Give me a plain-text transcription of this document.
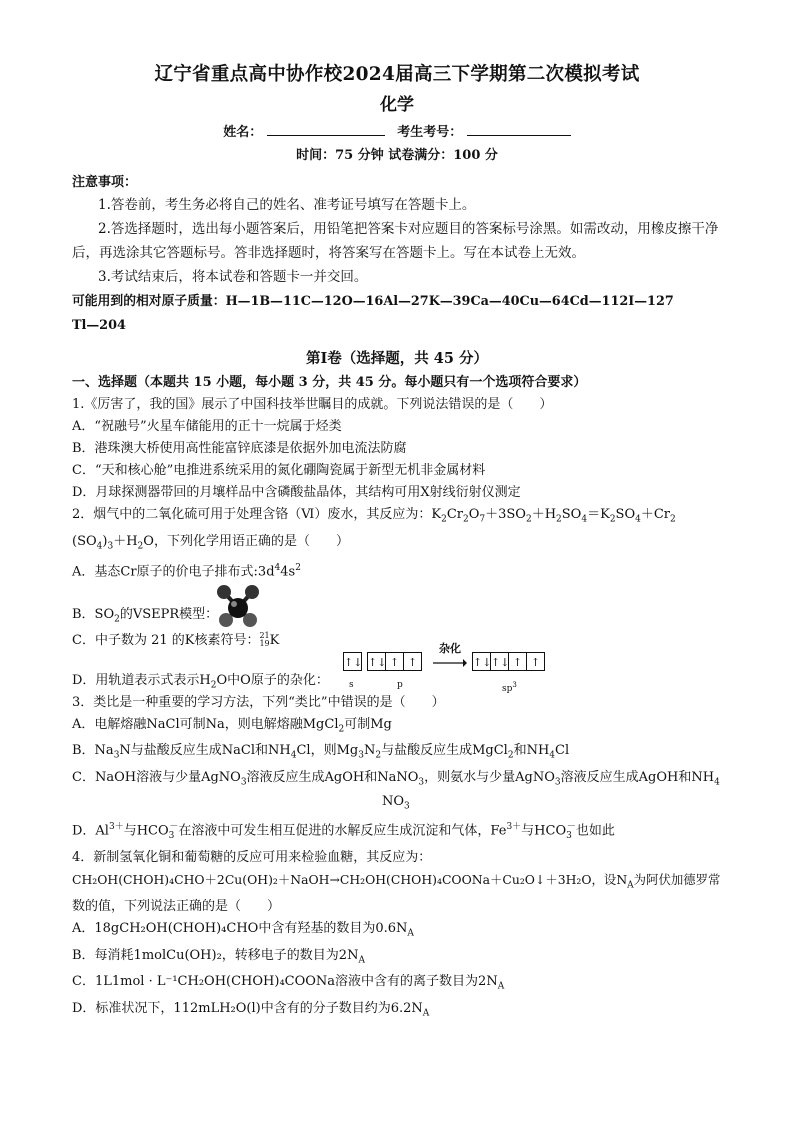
辽宁省重点高中协作校2024届高三下学期第二次模拟考试
化学
姓名：	考生考号：
时间：75 分钟 试卷满分：100 分
注意事项：
1.答卷前，考生务必将自己的姓名、准考证号填写在答题卡上。
2.答选择题时，选出每小题答案后，用铅笔把答案卡对应题目的答案标号涂黑。如需改动，用橡皮擦干净后，再选涂其它答题标号。答非选择题时，将答案写在答题卡上。写在本试卷上无效。
3.考试结束后，将本试卷和答题卡一并交回。
可能用到的相对原子质量：H—1B—11C—12O—16Al—27K—39Ca—40Cu—64Cd—112I—127
Tl—204
第Ⅰ卷（选择题，共 45 分）
一、选择题（本题共 15 小题，每小题 3 分，共 45 分。每小题只有一个选项符合要求）
1.《厉害了，我的国》展示了中国科技举世瞩目的成就。下列说法错误的是（　　）
A．“祝融号”火星车储能用的正十一烷属于烃类
B．港珠澳大桥使用高性能富锌底漆是依据外加电流法防腐
C．“天和核心舱”电推进系统采用的氮化硼陶瓷属于新型无机非金属材料
D．月球探测器带回的月壤样品中含磷酸盐晶体，其结构可用X射线衍射仪测定
2．烟气中的二氧化硫可用于处理含铬（Ⅵ）废水，其反应为：$K_2Cr_2O_7+3SO_2+H_2SO_4=K_2SO_4+Cr_2$
$(SO_4)_3+H_2O$，下列化学用语正确的是（　　）
A．基态Cr原子的价电子排布式$:3d^44s^2$
B．$SO_2$的VSEPR模型：
C．中子数为 21 的K核素符号： 21
19 K
D．用轨道表示式表示$H_2O$中O原子的杂化：
↑↓ ↑↓ ↑ ↑
s	p
杂化
↑↓↑↓ ↑ ↑
$sp^3$
3．类比是一种重要的学习方法，下列“类比”中错误的是（　　）
A．电解熔融NaCl可制Na，则电解熔融MgCl$_2$可制Mg
B．$Na_3N$与盐酸反应生成NaCl和$NH_4Cl$，则$Mg_3N_2$与盐酸反应生成MgCl$_2$和$NH_4Cl$
C．NaOH溶液与少量AgNO$_3$溶液反应生成AgOH和NaNO$_3$，则氨水与少量AgNO$_3$溶液反应生成AgOH和$NH_4$
$NO_3$
D．$Al^{3+}$与$HCO_3^-$在溶液中可发生相互促进的水解反应生成沉淀和气体，$Fe^{3+}$与$HCO_3^-$也如此
4．新制氢氧化铜和葡萄糖的反应可用来检验血糖，其反应为：
CH₂OH(CHOH)₄CHO＋2Cu(OH)₂＋NaOH→CH₂OH(CHOH)₄COONa＋Cu₂O↓＋3H₂O，设$N_A$为阿伏加德罗常
数的值，下列说法正确的是（　　）
A．18gCH₂OH(CHOH)₄CHO中含有羟基的数目为$0.6N_A$
B．每消耗1molCu(OH)₂，转移电子的数目为$2N_A$
C．1L1mol · L⁻¹CH₂OH(CHOH)₄COONa溶液中含有的离子数目为$2N_A$
D．标准状况下，112mLH₂O(l)中含有的分子数目约为$6.2N_A$
